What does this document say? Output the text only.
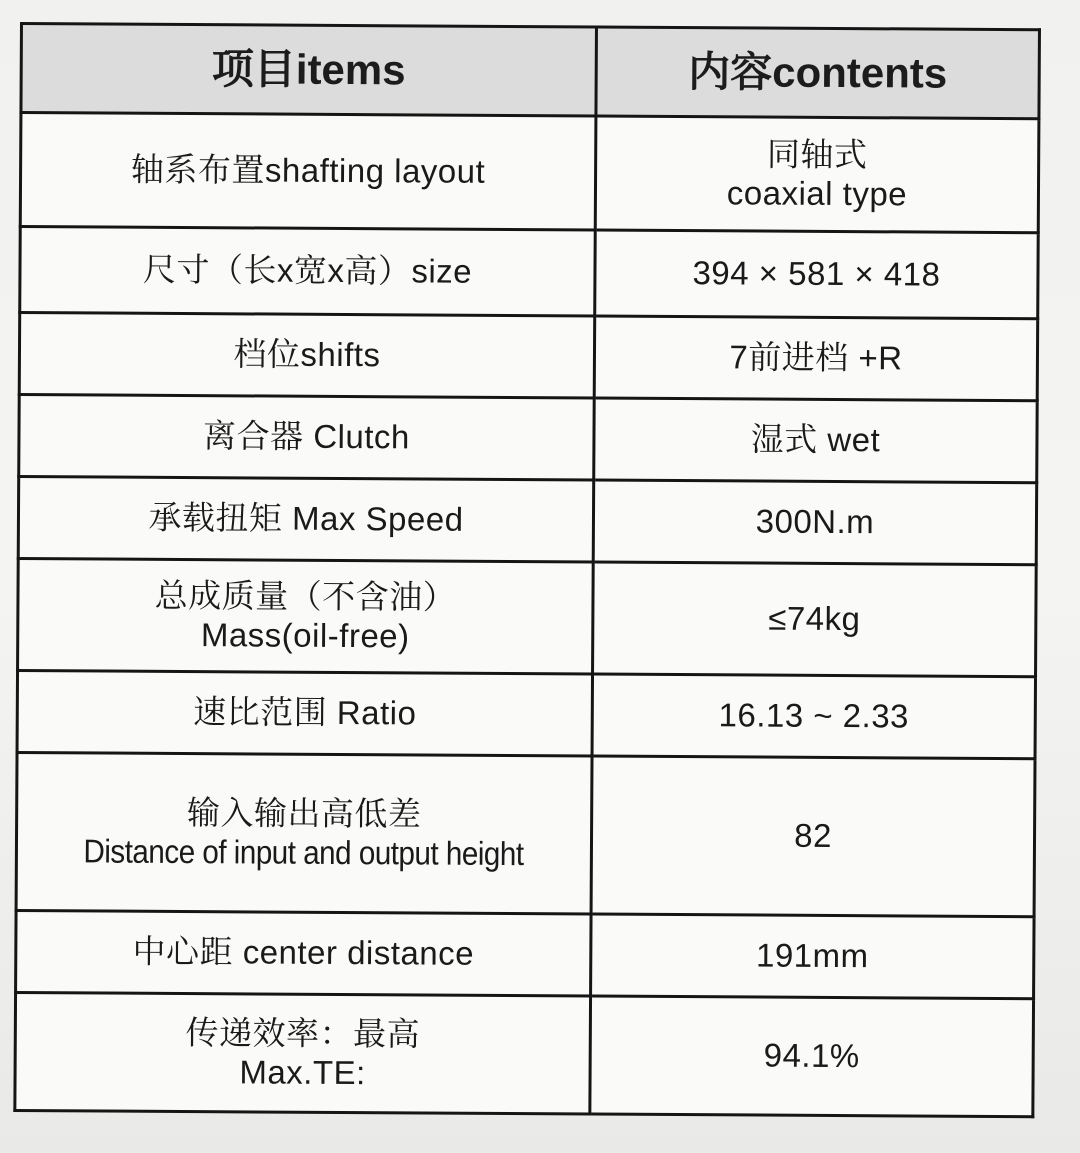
项目items	内容contents

轴系布置shafting layout	同轴式
coaxial type

尺寸（长x宽x高）size	394 × 581 × 418

档位shifts	7前进档 +R

离合器 Clutch	湿式 wet

承载扭矩 Max Speed	300N.m

总成质量（不含油）
Mass(oil-free)	≤74kg

速比范围 Ratio	16.13 ~ 2.33

输入输出高低差
Distance of input and output height	82

中心距 center distance	191mm

传递效率：最高
Max.TE:	94.1%
